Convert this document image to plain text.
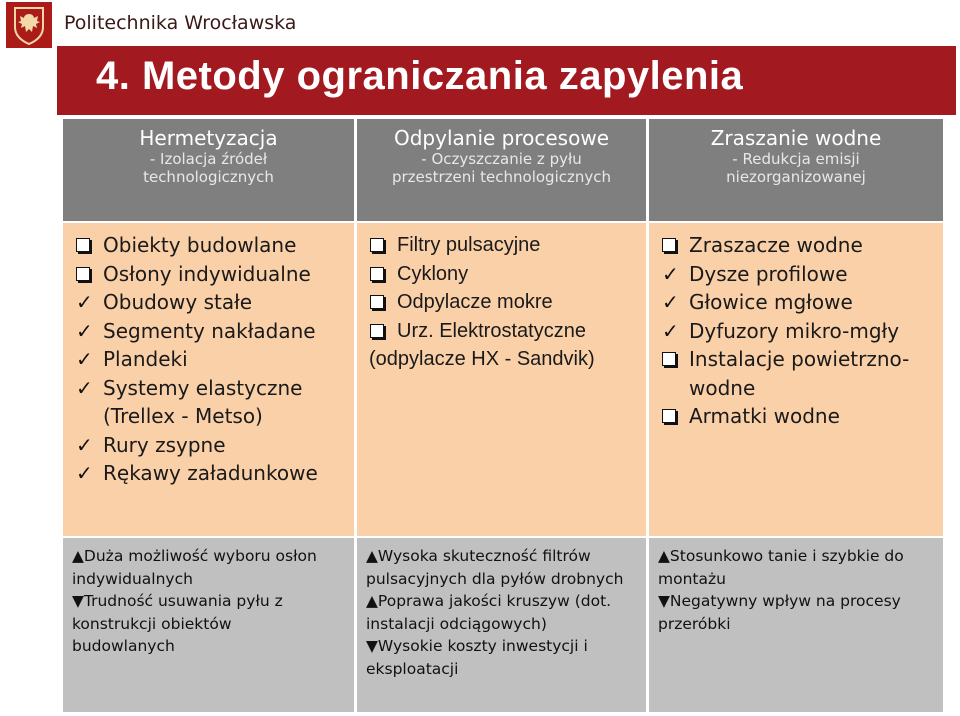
Politechnika Wrocławska
4. Metody ograniczania zapylenia
Hermetyzacja
- Izolacja źródeł
technologicznych
Odpylanie procesowe
- Oczyszczanie z pyłu
przestrzeni technologicznych
Zraszanie wodne
- Redukcja emisji
niezorganizowanej
Obiekty budowlane
Osłony indywidualne
✓ Obudowy stałe
✓ Segmenty nakładane
✓ Plandeki
✓ Systemy elastyczne
(Trellex - Metso)
✓ Rury zsypne
✓ Rękawy załadunkowe
Filtry pulsacyjne
Cyklony
Odpylacze mokre
Urz. Elektrostatyczne
(odpylacze HX - Sandvik)
Zraszacze wodne
✓ Dysze profilowe
✓ Głowice mgłowe
✓ Dyfuzory mikro-mgły
Instalacje powietrzno-
wodne
Armatki wodne
▲Duża możliwość wyboru osłon
indywidualnych
▼Trudność usuwania pyłu z
konstrukcji obiektów
budowlanych
▲Wysoka skuteczność filtrów
pulsacyjnych dla pyłów drobnych
▲Poprawa jakości kruszyw (dot.
instalacji odciągowych)
▼Wysokie koszty inwestycji i
eksploatacji
▲Stosunkowo tanie i szybkie do
montażu
▼Negatywny wpływ na procesy
przeróbki
